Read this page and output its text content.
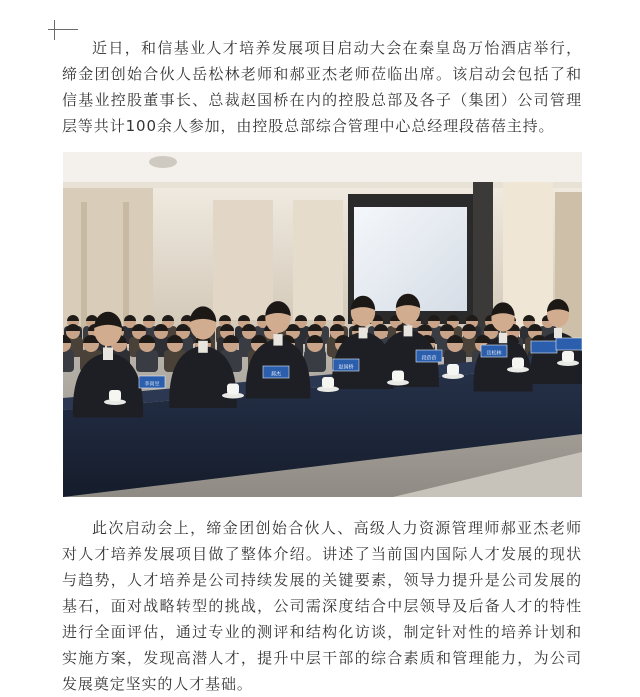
近日，和信基业人才培养发展项目启动大会在秦皇岛万怡酒店举行，缔金团创始合伙人岳松林老师和郝亚杰老师莅临出席。该启动会包括了和信基业控股董事长、总裁赵国桥在内的控股总部及各子（集团）公司管理层等共计100余人参加，由控股总部综合管理中心总经理段蓓蓓主持。

李尚昱
郝杰
赵国桥
段蓓蓓
岳松林

此次启动会上，缔金团创始合伙人、高级人力资源管理师郝亚杰老师对人才培养发展项目做了整体介绍。讲述了当前国内国际人才发展的现状与趋势，人才培养是公司持续发展的关键要素，领导力提升是公司发展的基石，面对战略转型的挑战，公司需深度结合中层领导及后备人才的特性进行全面评估，通过专业的测评和结构化访谈，制定针对性的培养计划和实施方案，发现高潜人才，提升中层干部的综合素质和管理能力，为公司发展奠定坚实的人才基础。
